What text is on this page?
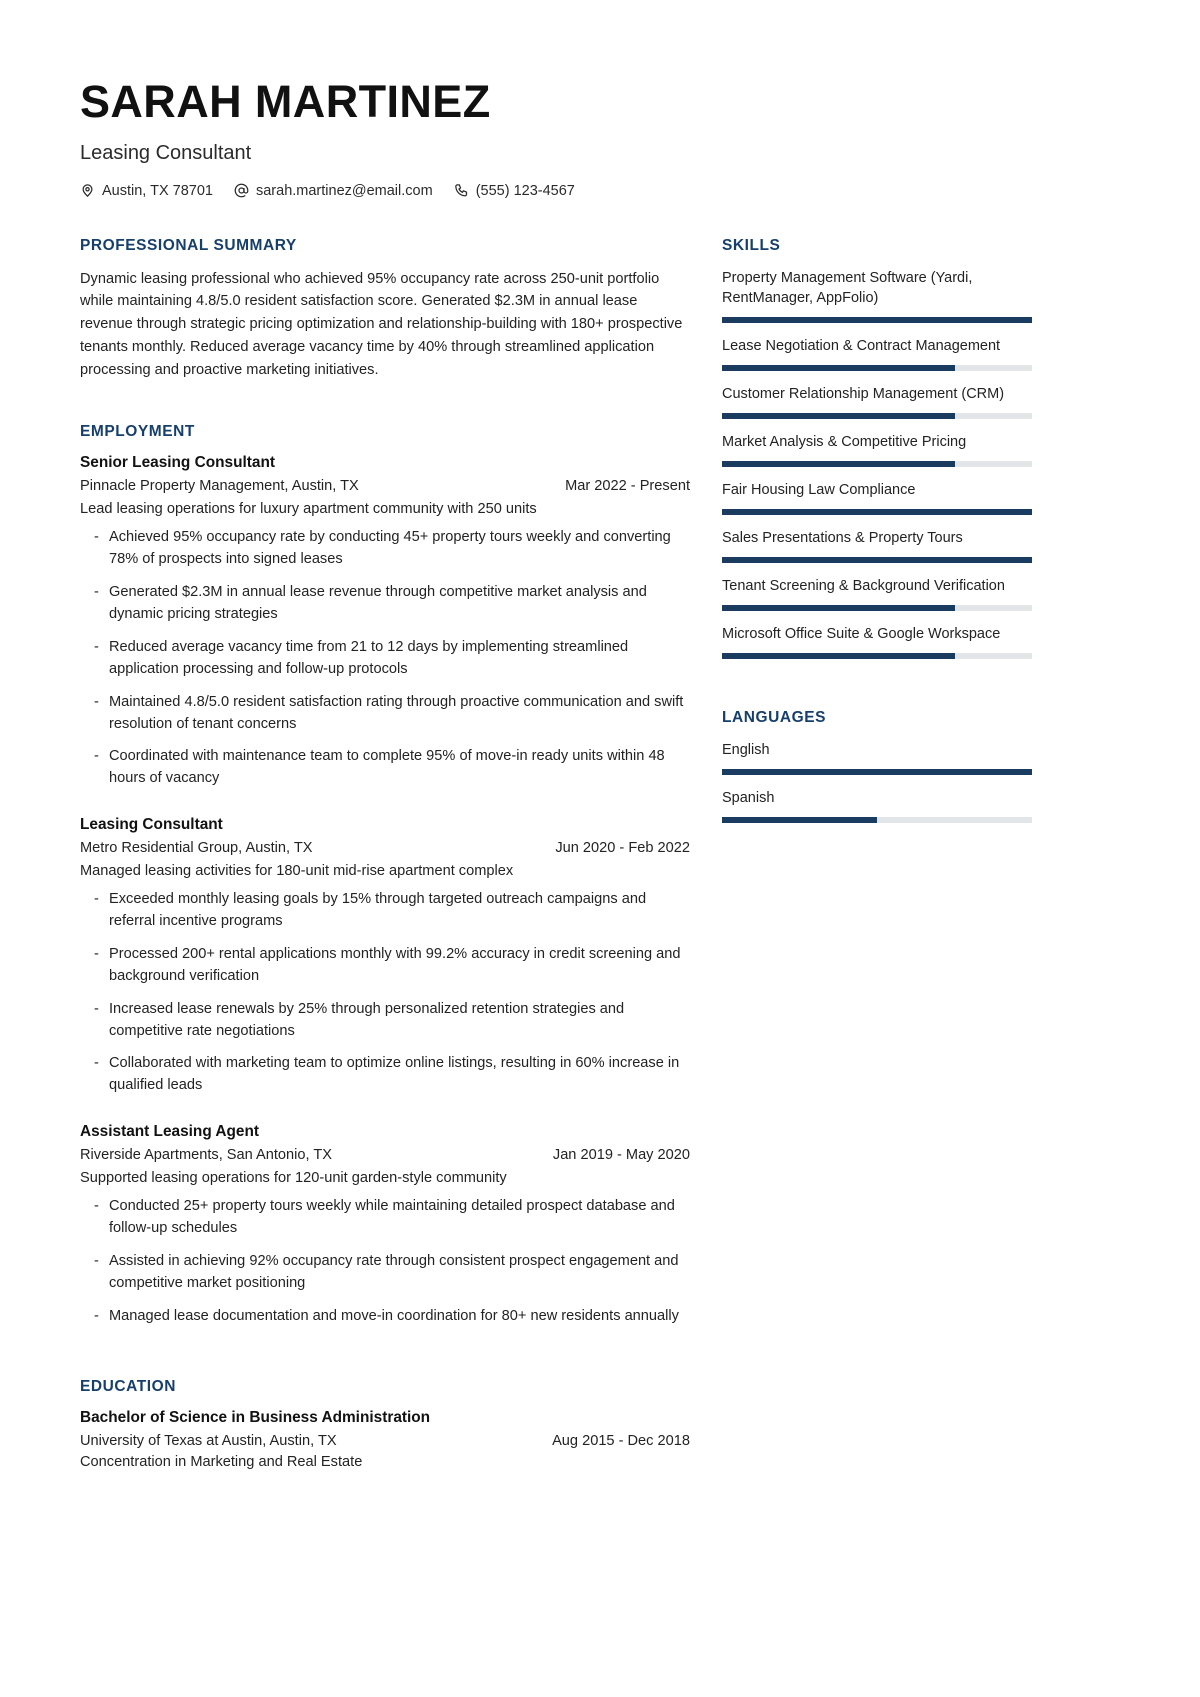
SARAH MARTINEZ
Leasing Consultant
Austin, TX 78701	sarah.martinez@email.com	(555) 123-4567
PROFESSIONAL SUMMARY
Dynamic leasing professional who achieved 95% occupancy rate across 250-unit portfolio while maintaining 4.8/5.0 resident satisfaction score. Generated $2.3M in annual lease revenue through strategic pricing optimization and relationship-building with 180+ prospective tenants monthly. Reduced average vacancy time by 40% through streamlined application processing and proactive marketing initiatives.
EMPLOYMENT
Senior Leasing Consultant
Pinnacle Property Management, Austin, TX	Mar 2022 - Present
Lead leasing operations for luxury apartment community with 250 units
- Achieved 95% occupancy rate by conducting 45+ property tours weekly and converting 78% of prospects into signed leases
- Generated $2.3M in annual lease revenue through competitive market analysis and dynamic pricing strategies
- Reduced average vacancy time from 21 to 12 days by implementing streamlined application processing and follow-up protocols
- Maintained 4.8/5.0 resident satisfaction rating through proactive communication and swift resolution of tenant concerns
- Coordinated with maintenance team to complete 95% of move-in ready units within 48 hours of vacancy
Leasing Consultant
Metro Residential Group, Austin, TX	Jun 2020 - Feb 2022
Managed leasing activities for 180-unit mid-rise apartment complex
- Exceeded monthly leasing goals by 15% through targeted outreach campaigns and referral incentive programs
- Processed 200+ rental applications monthly with 99.2% accuracy in credit screening and background verification
- Increased lease renewals by 25% through personalized retention strategies and competitive rate negotiations
- Collaborated with marketing team to optimize online listings, resulting in 60% increase in qualified leads
Assistant Leasing Agent
Riverside Apartments, San Antonio, TX	Jan 2019 - May 2020
Supported leasing operations for 120-unit garden-style community
- Conducted 25+ property tours weekly while maintaining detailed prospect database and follow-up schedules
- Assisted in achieving 92% occupancy rate through consistent prospect engagement and competitive market positioning
- Managed lease documentation and move-in coordination for 80+ new residents annually
EDUCATION
Bachelor of Science in Business Administration
University of Texas at Austin, Austin, TX	Aug 2015 - Dec 2018
Concentration in Marketing and Real Estate
SKILLS
Property Management Software (Yardi, RentManager, AppFolio)
Lease Negotiation & Contract Management
Customer Relationship Management (CRM)
Market Analysis & Competitive Pricing
Fair Housing Law Compliance
Sales Presentations & Property Tours
Tenant Screening & Background Verification
Microsoft Office Suite & Google Workspace
LANGUAGES
English
Spanish
